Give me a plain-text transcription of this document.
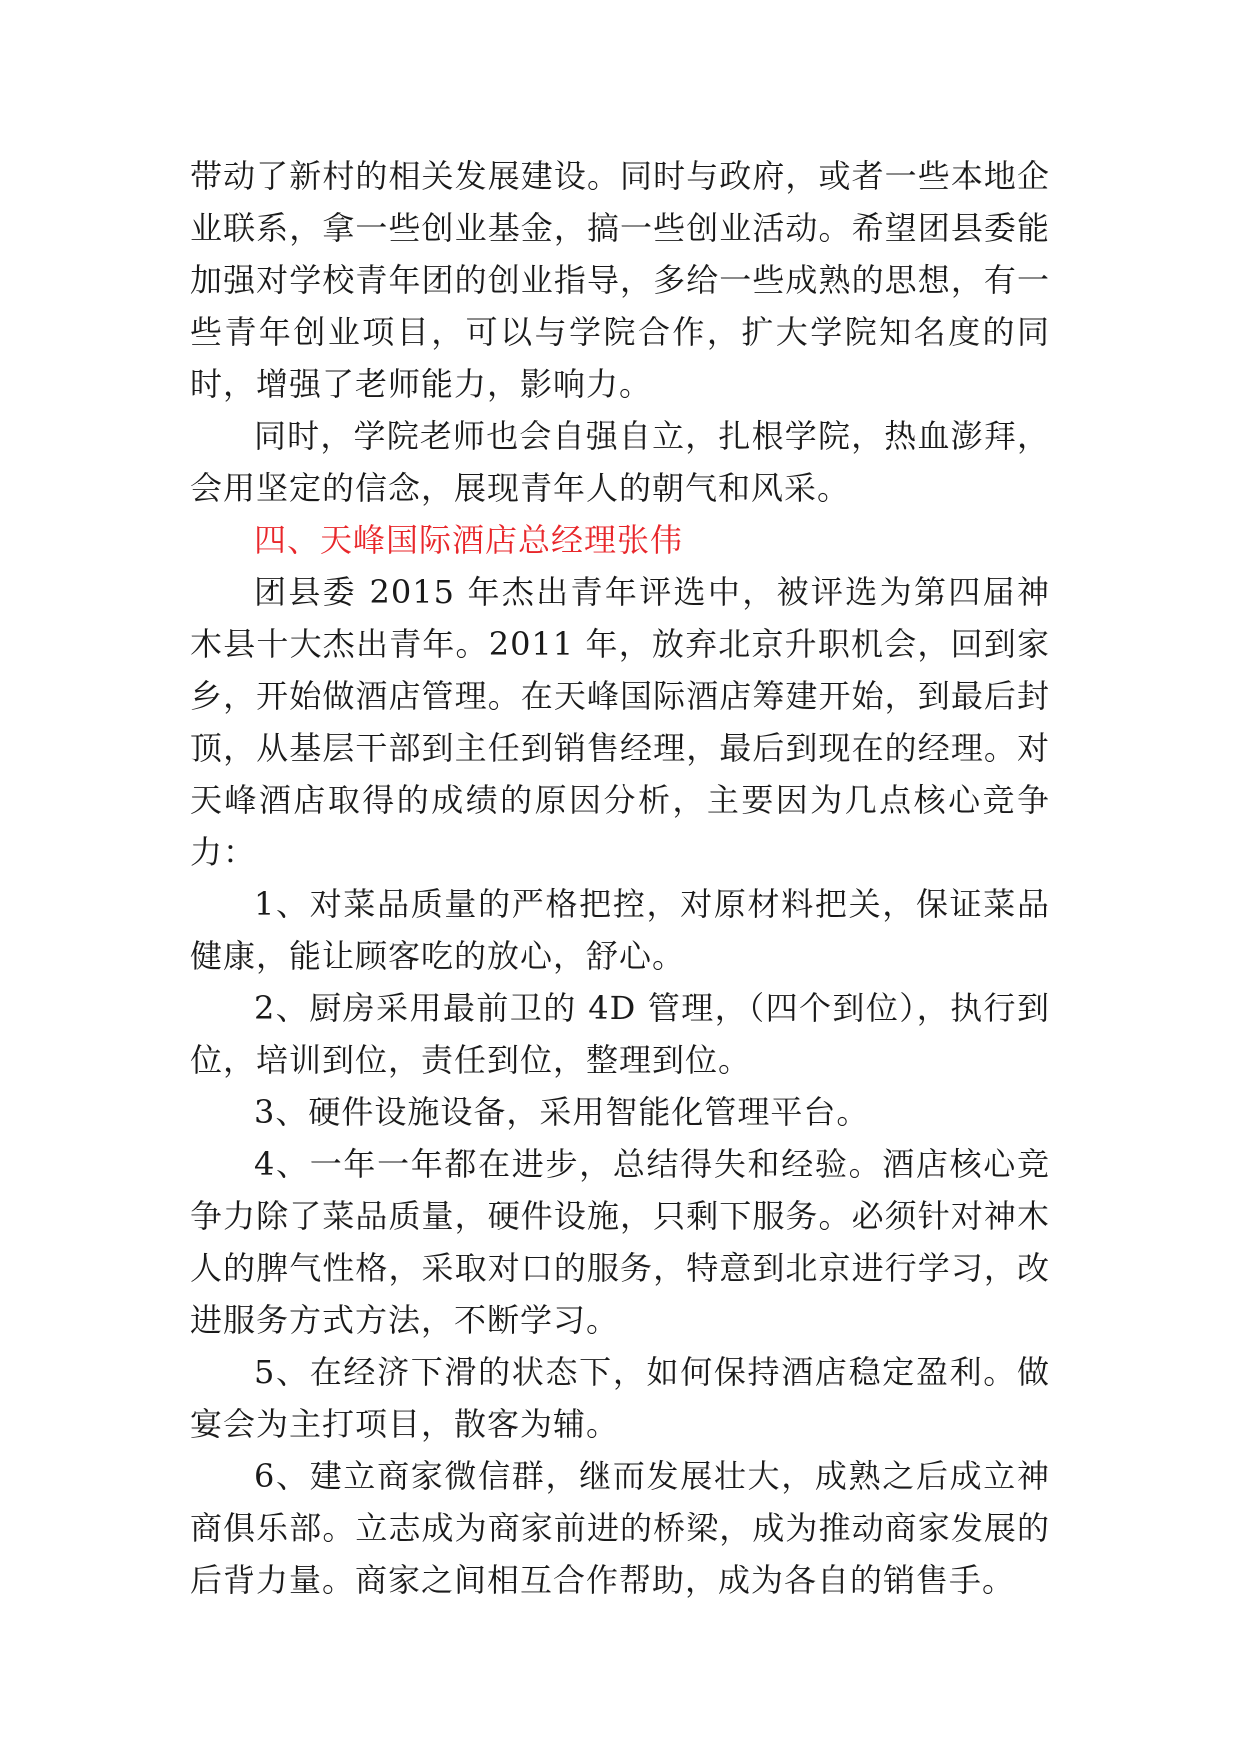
带动了新村的相关发展建设。同时与政府，或者一些本地企业联系，拿一些创业基金，搞一些创业活动。希望团县委能加强对学校青年团的创业指导，多给一些成熟的思想，有一些青年创业项目，可以与学院合作，扩大学院知名度的同时，增强了老师能力，影响力。

同时，学院老师也会自强自立，扎根学院，热血澎拜，会用坚定的信念，展现青年人的朝气和风采。

四、天峰国际酒店总经理张伟

团县委 2015 年杰出青年评选中，被评选为第四届神木县十大杰出青年。2011 年，放弃北京升职机会，回到家乡，开始做酒店管理。在天峰国际酒店筹建开始，到最后封顶，从基层干部到主任到销售经理，最后到现在的经理。对天峰酒店取得的成绩的原因分析，主要因为几点核心竞争力：

1、对菜品质量的严格把控，对原材料把关，保证菜品健康，能让顾客吃的放心，舒心。

2、厨房采用最前卫的 4D 管理，（四个到位），执行到位，培训到位，责任到位，整理到位。

3、硬件设施设备，采用智能化管理平台。

4、一年一年都在进步，总结得失和经验。酒店核心竞争力除了菜品质量，硬件设施，只剩下服务。必须针对神木人的脾气性格，采取对口的服务，特意到北京进行学习，改进服务方式方法，不断学习。

5、在经济下滑的状态下，如何保持酒店稳定盈利。做宴会为主打项目，散客为辅。

6、建立商家微信群，继而发展壮大，成熟之后成立神商俱乐部。立志成为商家前进的桥梁，成为推动商家发展的后背力量。商家之间相互合作帮助，成为各自的销售手。
